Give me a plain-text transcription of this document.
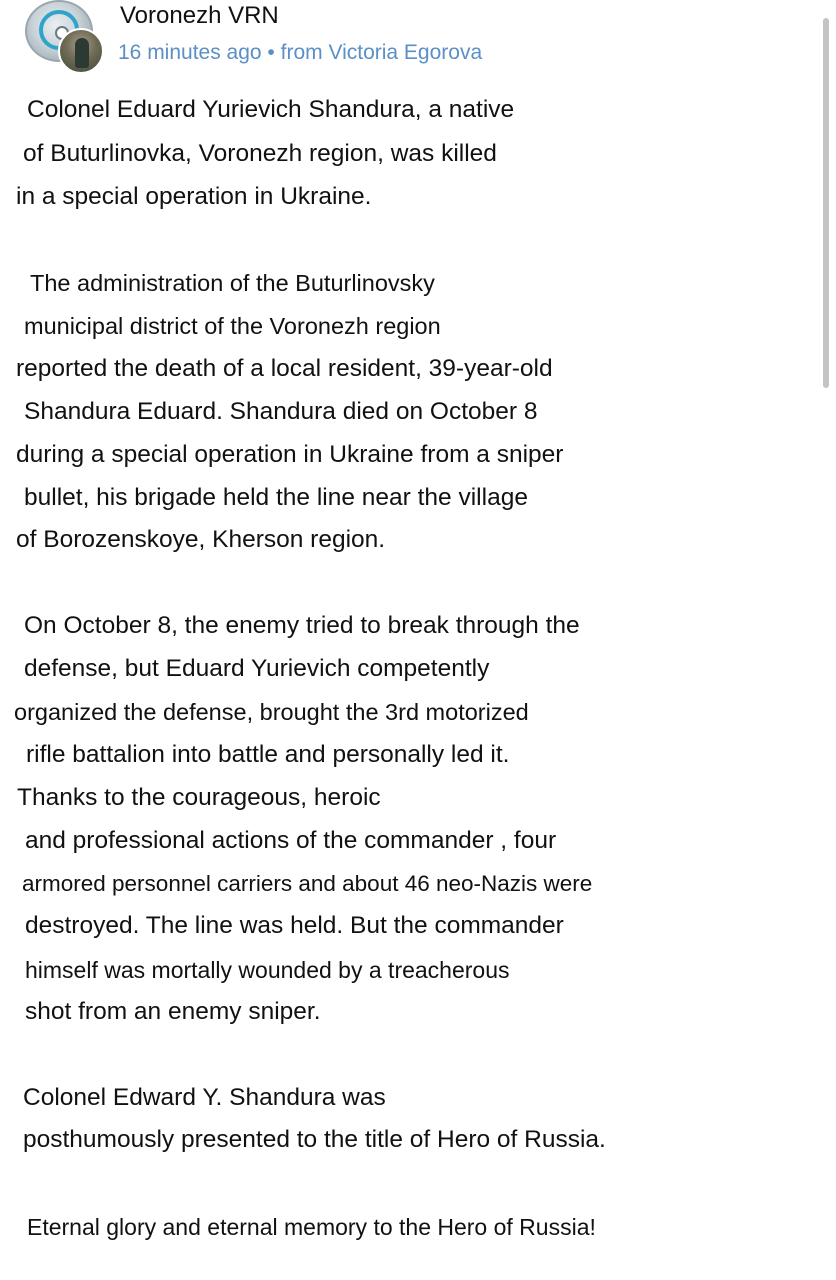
Voronezh VRN
16 minutes ago • from Victoria Egorova
Colonel Eduard Yurievich Shandura, a native
of Buturlinovka, Voronezh region, was killed
in a special operation in Ukraine.
The administration of the Buturlinovsky
municipal district of the Voronezh region
reported the death of a local resident, 39-year-old
Shandura Eduard. Shandura died on October 8
during a special operation in Ukraine from a sniper
bullet, his brigade held the line near the village
of Borozenskoye, Kherson region.
On October 8, the enemy tried to break through the
defense, but Eduard Yurievich competently
organized the defense, brought the 3rd motorized
rifle battalion into battle and personally led it.
Thanks to the courageous, heroic
and professional actions of the commander , four
armored personnel carriers and about 46 neo-Nazis were
destroyed. The line was held. But the commander
himself was mortally wounded by a treacherous
shot from an enemy sniper.
Colonel Edward Y. Shandura was
posthumously presented to the title of Hero of Russia.
Eternal glory and eternal memory to the Hero of Russia!
